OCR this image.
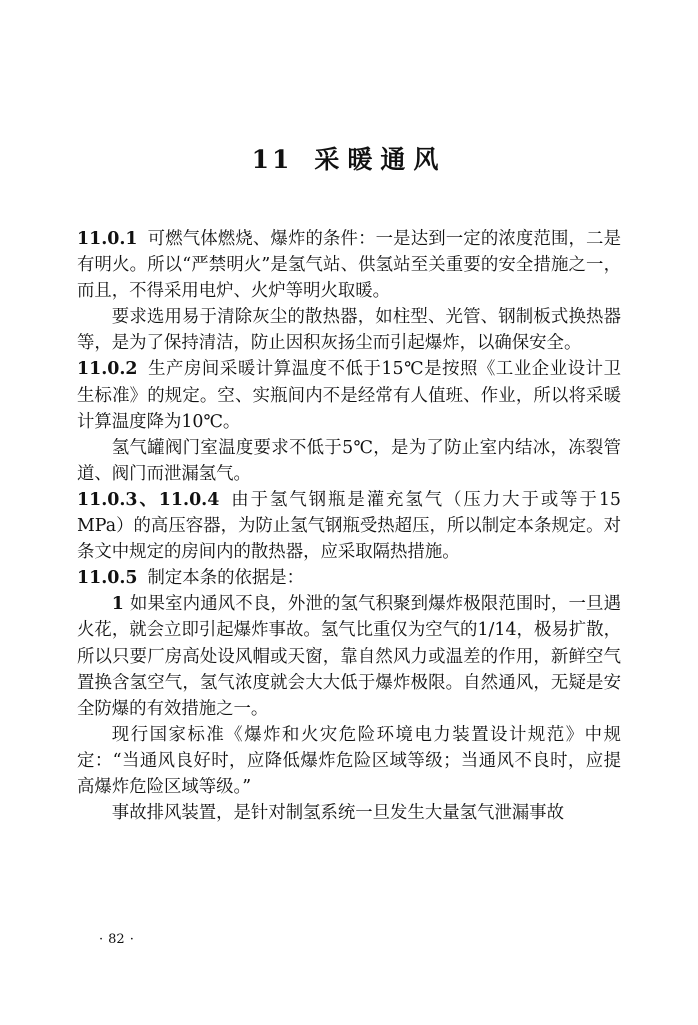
11 采暖通风

11.0.1 可燃气体燃烧、爆炸的条件：一是达到一定的浓度范围，二是有明火。所以“严禁明火”是氢气站、供氢站至关重要的安全措施之一，而且，不得采用电炉、火炉等明火取暖。

要求选用易于清除灰尘的散热器，如柱型、光管、钢制板式换热器等，是为了保持清洁，防止因积灰扬尘而引起爆炸，以确保安全。

11.0.2 生产房间采暖计算温度不低于15℃是按照《工业企业设计卫生标准》的规定。空、实瓶间内不是经常有人值班、作业，所以将采暖计算温度降为10℃。

氢气罐阀门室温度要求不低于5℃，是为了防止室内结冰，冻裂管道、阀门而泄漏氢气。

11.0.3、11.0.4 由于氢气钢瓶是灌充氢气（压力大于或等于15 MPa）的高压容器，为防止氢气钢瓶受热超压，所以制定本条规定。对条文中规定的房间内的散热器，应采取隔热措施。

11.0.5 制定本条的依据是：

1 如果室内通风不良，外泄的氢气积聚到爆炸极限范围时，一旦遇火花，就会立即引起爆炸事故。氢气比重仅为空气的1/14，极易扩散，所以只要厂房高处设风帽或天窗，靠自然风力或温差的作用，新鲜空气置换含氢空气，氢气浓度就会大大低于爆炸极限。自然通风，无疑是安全防爆的有效措施之一。

现行国家标准《爆炸和火灾危险环境电力装置设计规范》中规定：“当通风良好时，应降低爆炸危险区域等级；当通风不良时，应提高爆炸危险区域等级。”

事故排风装置，是针对制氢系统一旦发生大量氢气泄漏事故

· 82 ·
